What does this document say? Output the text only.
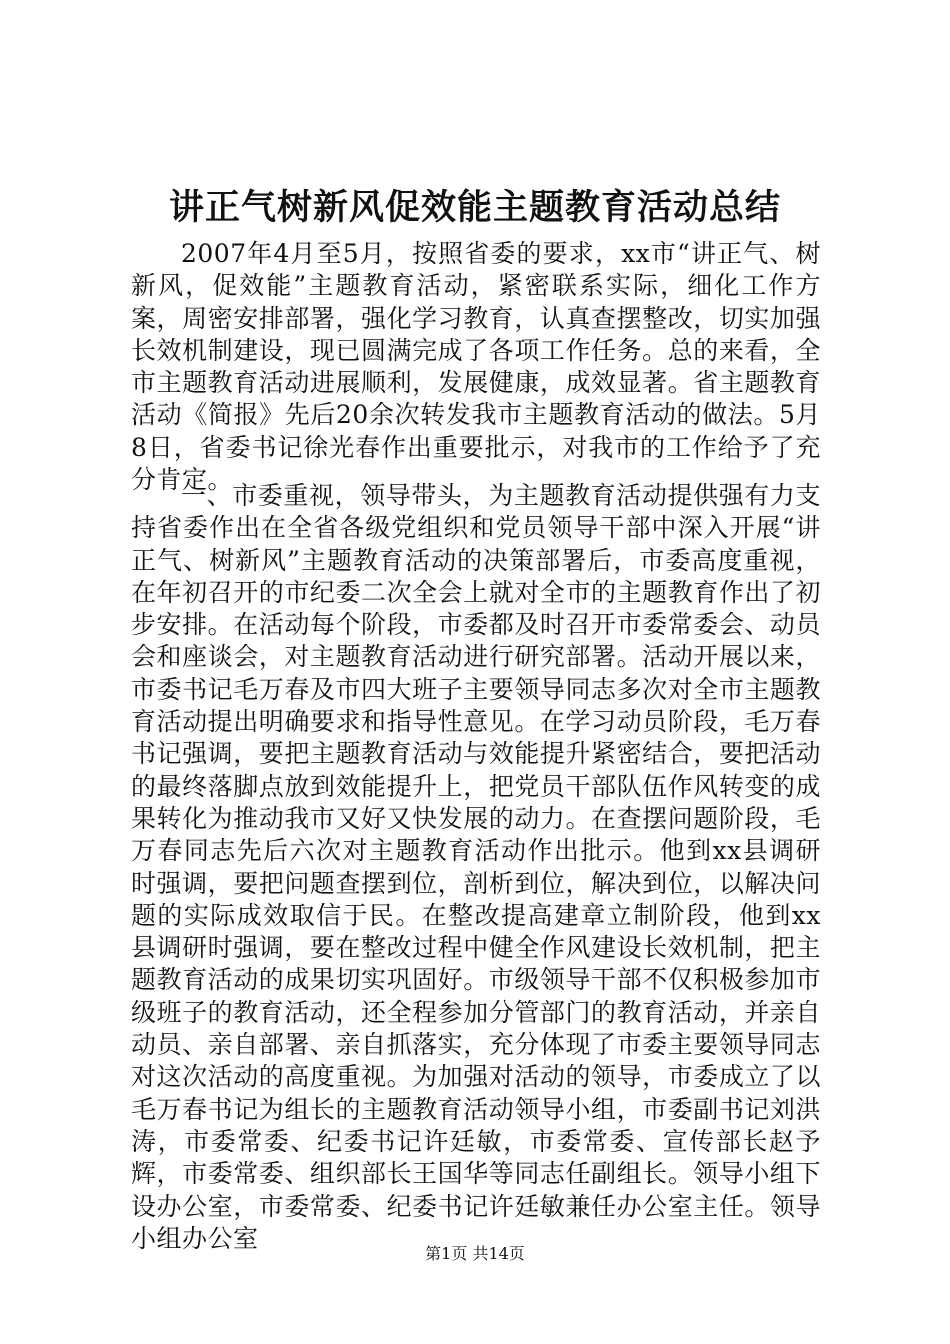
讲正气树新风促效能主题教育活动总结

2007年4月至5月，按照省委的要求，xx市“讲正气、树新风，促效能”主题教育活动，紧密联系实际，细化工作方案，周密安排部署，强化学习教育，认真查摆整改，切实加强长效机制建设，现已圆满完成了各项工作任务。总的来看，全市主题教育活动进展顺利，发展健康，成效显著。省主题教育活动《简报》先后20余次转发我市主题教育活动的做法。5月8日，省委书记徐光春作出重要批示，对我市的工作给予了充分肯定。

一、市委重视，领导带头，为主题教育活动提供强有力支持省委作出在全省各级党组织和党员领导干部中深入开展“讲正气、树新风”主题教育活动的决策部署后，市委高度重视，在年初召开的市纪委二次全会上就对全市的主题教育作出了初步安排。在活动每个阶段，市委都及时召开市委常委会、动员会和座谈会，对主题教育活动进行研究部署。活动开展以来，市委书记毛万春及市四大班子主要领导同志多次对全市主题教育活动提出明确要求和指导性意见。在学习动员阶段，毛万春书记强调，要把主题教育活动与效能提升紧密结合，要把活动的最终落脚点放到效能提升上，把党员干部队伍作风转变的成果转化为推动我市又好又快发展的动力。在查摆问题阶段，毛万春同志先后六次对主题教育活动作出批示。他到xx县调研时强调，要把问题查摆到位，剖析到位，解决到位，以解决问题的实际成效取信于民。在整改提高建章立制阶段，他到xx县调研时强调，要在整改过程中健全作风建设长效机制，把主题教育活动的成果切实巩固好。市级领导干部不仅积极参加市级班子的教育活动，还全程参加分管部门的教育活动，并亲自动员、亲自部署、亲自抓落实，充分体现了市委主要领导同志对这次活动的高度重视。为加强对活动的领导，市委成立了以毛万春书记为组长的主题教育活动领导小组，市委副书记刘洪涛，市委常委、纪委书记许廷敏，市委常委、宣传部长赵予辉，市委常委、组织部长王国华等同志任副组长。领导小组下设办公室，市委常委、纪委书记许廷敏兼任办公室主任。领导小组办公室

第1页 共14页
